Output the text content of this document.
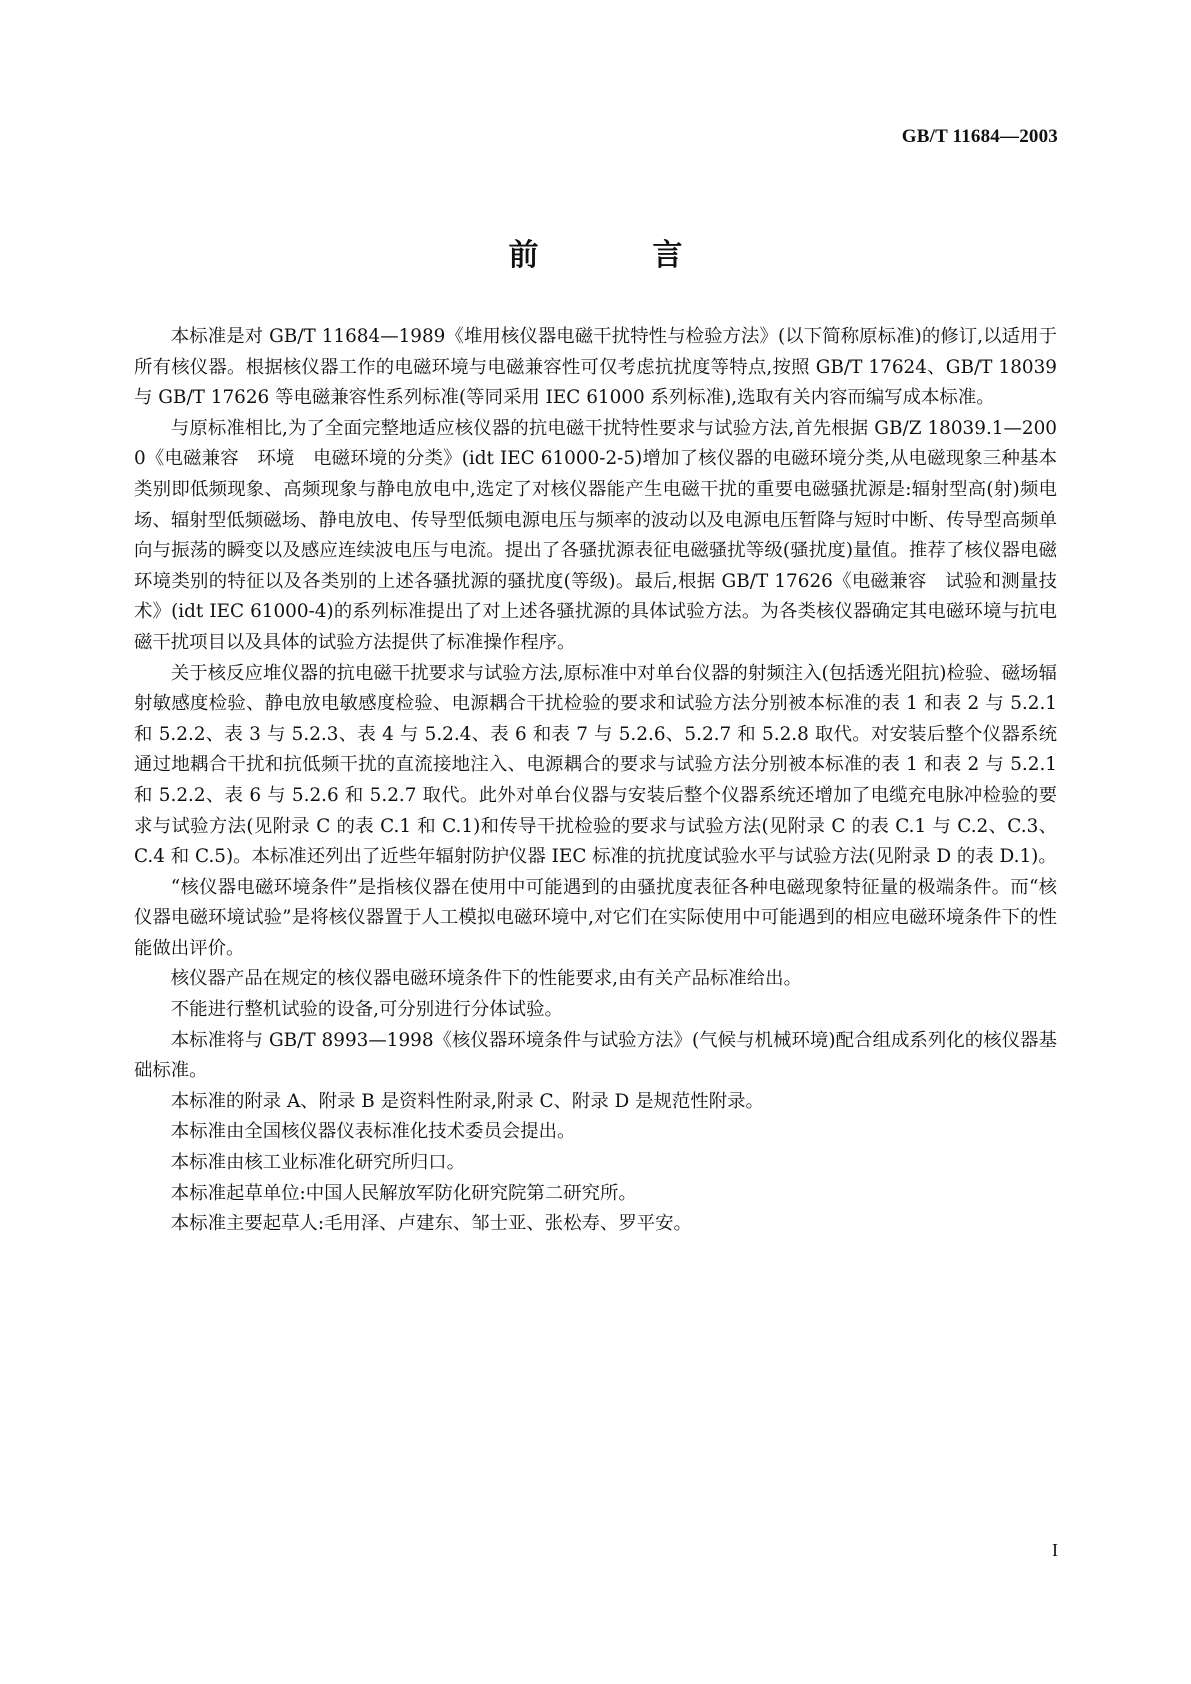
GB/T 11684—2003
前　言

本标准是对 GB/T 11684—1989《堆用核仪器电磁干扰特性与检验方法》(以下简称原标准)的修订,以适用于所有核仪器。根据核仪器工作的电磁环境与电磁兼容性可仅考虑抗扰度等特点,按照 GB/T 17624、GB/T 18039 与 GB/T 17626 等电磁兼容性系列标准(等同采用 IEC 61000 系列标准),选取有关内容而编写成本标准。

与原标准相比,为了全面完整地适应核仪器的抗电磁干扰特性要求与试验方法,首先根据 GB/Z 18039.1—2000《电磁兼容　环境　电磁环境的分类》(idt IEC 61000-2-5)增加了核仪器的电磁环境分类,从电磁现象三种基本类别即低频现象、高频现象与静电放电中,选定了对核仪器能产生电磁干扰的重要电磁骚扰源是:辐射型高(射)频电场、辐射型低频磁场、静电放电、传导型低频电源电压与频率的波动以及电源电压暂降与短时中断、传导型高频单向与振荡的瞬变以及感应连续波电压与电流。提出了各骚扰源表征电磁骚扰等级(骚扰度)量值。推荐了核仪器电磁环境类别的特征以及各类别的上述各骚扰源的骚扰度(等级)。最后,根据 GB/T 17626《电磁兼容　试验和测量技术》(idt IEC 61000-4)的系列标准提出了对上述各骚扰源的具体试验方法。为各类核仪器确定其电磁环境与抗电磁干扰项目以及具体的试验方法提供了标准操作程序。

关于核反应堆仪器的抗电磁干扰要求与试验方法,原标准中对单台仪器的射频注入(包括透光阻抗)检验、磁场辐射敏感度检验、静电放电敏感度检验、电源耦合干扰检验的要求和试验方法分别被本标准的表 1 和表 2 与 5.2.1 和 5.2.2、表 3 与 5.2.3、表 4 与 5.2.4、表 6 和表 7 与 5.2.6、5.2.7 和 5.2.8 取代。对安装后整个仪器系统通过地耦合干扰和抗低频干扰的直流接地注入、电源耦合的要求与试验方法分别被本标准的表 1 和表 2 与 5.2.1 和 5.2.2、表 6 与 5.2.6 和 5.2.7 取代。此外对单台仪器与安装后整个仪器系统还增加了电缆充电脉冲检验的要求与试验方法(见附录 C 的表 C.1 和 C.1)和传导干扰检验的要求与试验方法(见附录 C 的表 C.1 与 C.2、C.3、C.4 和 C.5)。本标准还列出了近些年辐射防护仪器 IEC 标准的抗扰度试验水平与试验方法(见附录 D 的表 D.1)。

“核仪器电磁环境条件”是指核仪器在使用中可能遇到的由骚扰度表征各种电磁现象特征量的极端条件。而“核仪器电磁环境试验”是将核仪器置于人工模拟电磁环境中,对它们在实际使用中可能遇到的相应电磁环境条件下的性能做出评价。

核仪器产品在规定的核仪器电磁环境条件下的性能要求,由有关产品标准给出。

不能进行整机试验的设备,可分别进行分体试验。

本标准将与 GB/T 8993—1998《核仪器环境条件与试验方法》(气候与机械环境)配合组成系列化的核仪器基础标准。

本标准的附录 A、附录 B 是资料性附录,附录 C、附录 D 是规范性附录。

本标准由全国核仪器仪表标准化技术委员会提出。

本标准由核工业标准化研究所归口。

本标准起草单位:中国人民解放军防化研究院第二研究所。

本标准主要起草人:毛用泽、卢建东、邹士亚、张松寿、罗平安。

I
